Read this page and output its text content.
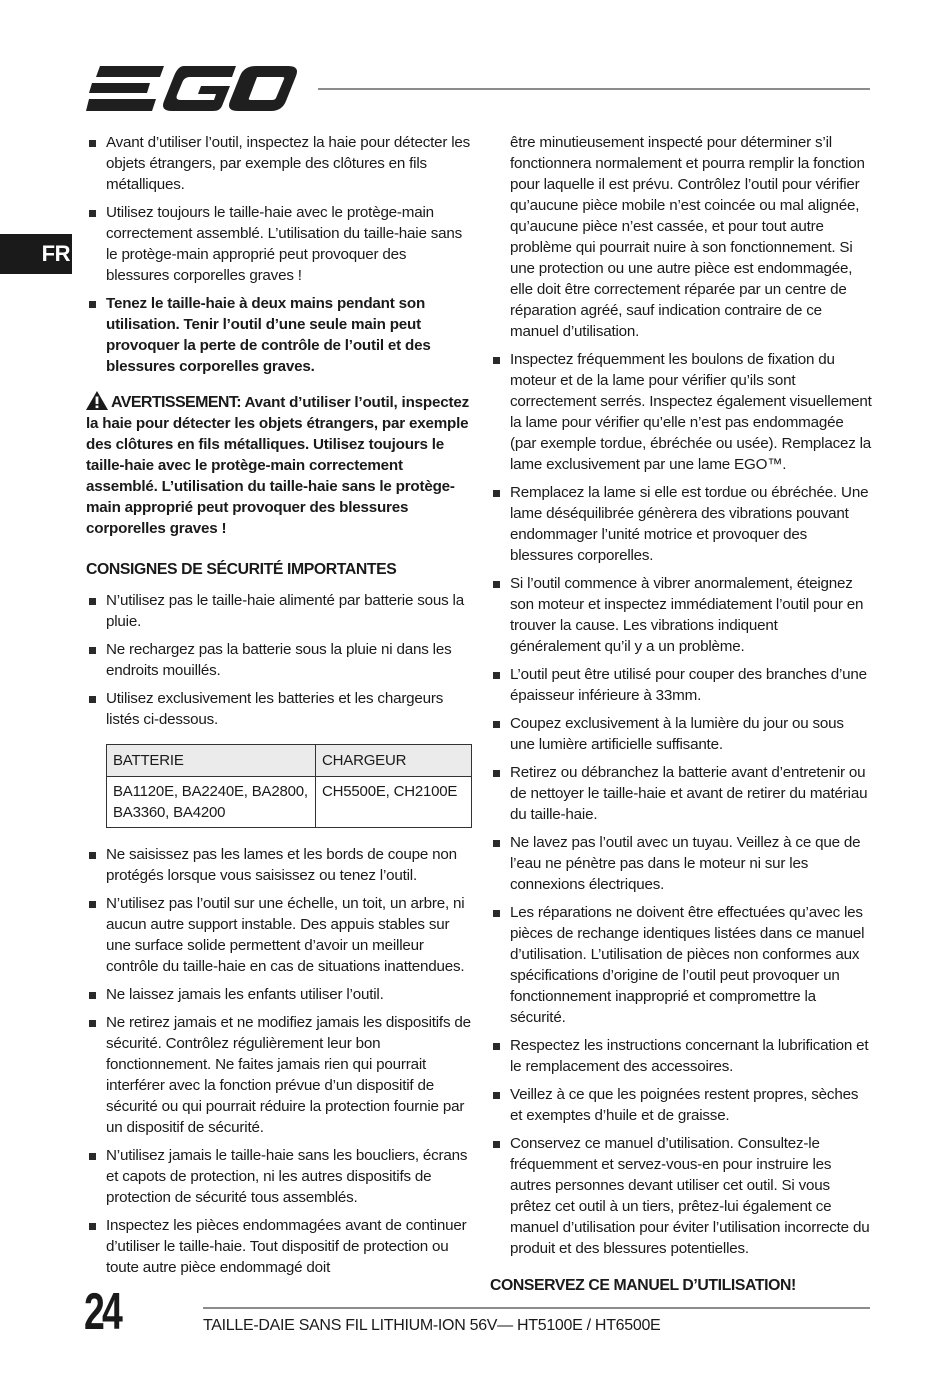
FR
Avant d’utiliser l’outil, inspectez la haie pour détecter les objets étrangers, par exemple des clôtures en fils métalliques.
Utilisez toujours le taille-haie avec le protège-main correctement assemblé. L’utilisation du taille-haie sans le protège-main approprié peut provoquer des blessures corporelles graves !
Tenez le taille-haie à deux mains pendant son utilisation. Tenir l’outil d’une seule main peut provoquer la perte de contrôle de l’outil et des blessures corporelles graves.
AVERTISSEMENT: Avant d’utiliser l’outil, inspectez la haie pour détecter les objets étrangers, par exemple des clôtures en fils métalliques. Utilisez toujours le taille-haie avec le protège-main correctement assemblé. L’utilisation du taille-haie sans le protège-main approprié peut provoquer des blessures corporelles graves !
CONSIGNES DE SÉCURITÉ IMPORTANTES
N’utilisez pas le taille-haie alimenté par batterie sous la pluie.
Ne rechargez pas la batterie sous la pluie ni dans les endroits mouillés.
Utilisez exclusivement les batteries et les chargeurs listés ci-dessous.
BATTERIE	CHARGEUR
BA1120E, BA2240E, BA2800, BA3360, BA4200	CH5500E, CH2100E
Ne saisissez pas les lames et les bords de coupe non protégés lorsque vous saisissez ou tenez l’outil.
N’utilisez pas l’outil sur une échelle, un toit, un arbre, ni aucun autre support instable. Des appuis stables sur une surface solide permettent d’avoir un meilleur contrôle du taille-haie en cas de situations inattendues.
Ne laissez jamais les enfants utiliser l’outil.
Ne retirez jamais et ne modifiez jamais les dispositifs de sécurité. Contrôlez régulièrement leur bon fonctionnement. Ne faites jamais rien qui pourrait interférer avec la fonction prévue d’un dispositif de sécurité ou qui pourrait réduire la protection fournie par un dispositif de sécurité.
N’utilisez jamais le taille-haie sans les boucliers, écrans et capots de protection, ni les autres dispositifs de protection de sécurité tous assemblés.
Inspectez les pièces endommagées avant de continuer d’utiliser le taille-haie. Tout dispositif de protection ou toute autre pièce endommagé doit
être minutieusement inspecté pour déterminer s’il fonctionnera normalement et pourra remplir la fonction pour laquelle il est prévu. Contrôlez l’outil pour vérifier qu’aucune pièce mobile n’est coincée ou mal alignée, qu’aucune pièce n’est cassée, et pour tout autre problème qui pourrait nuire à son fonctionnement. Si une protection ou une autre pièce est endommagée, elle doit être correctement réparée par un centre de réparation agréé, sauf indication contraire de ce manuel d’utilisation.
Inspectez fréquemment les boulons de fixation du moteur et de la lame pour vérifier qu’ils sont correctement serrés. Inspectez également visuellement la lame pour vérifier qu’elle n’est pas endommagée (par exemple tordue, ébréchée ou usée). Remplacez la lame exclusivement par une lame EGO™.
Remplacez la lame si elle est tordue ou ébréchée. Une lame déséquilibrée génèrera des vibrations pouvant endommager l’unité motrice et provoquer des blessures corporelles.
Si l’outil commence à vibrer anormalement, éteignez son moteur et inspectez immédiatement l’outil pour en trouver la cause. Les vibrations indiquent généralement qu’il y a un problème.
L’outil peut être utilisé pour couper des branches d’une épaisseur inférieure à 33mm.
Coupez exclusivement à la lumière du jour ou sous une lumière artificielle suffisante.
Retirez ou débranchez la batterie avant d’entretenir ou de nettoyer le taille-haie et avant de retirer du matériau du taille-haie.
Ne lavez pas l’outil avec un tuyau. Veillez à ce que de l’eau ne pénètre pas dans le moteur ni sur les connexions électriques.
Les réparations ne doivent être effectuées qu’avec les pièces de rechange identiques listées dans ce manuel d’utilisation. L’utilisation de pièces non conformes aux spécifications d’origine de l’outil peut provoquer un fonctionnement inapproprié et compromettre la sécurité.
Respectez les instructions concernant la lubrification et le remplacement des accessoires.
Veillez à ce que les poignées restent propres, sèches et exemptes d’huile et de graisse.
Conservez ce manuel d’utilisation. Consultez-le fréquemment et servez-vous-en pour instruire les autres personnes devant utiliser cet outil. Si vous prêtez cet outil à un tiers, prêtez-lui également ce manuel d’utilisation pour éviter l’utilisation incorrecte du produit et des blessures potentielles.
CONSERVEZ CE MANUEL D’UTILISATION!
24	TAILLE-DAIE SANS FIL LITHIUM-ION 56V— HT5100E / HT6500E
